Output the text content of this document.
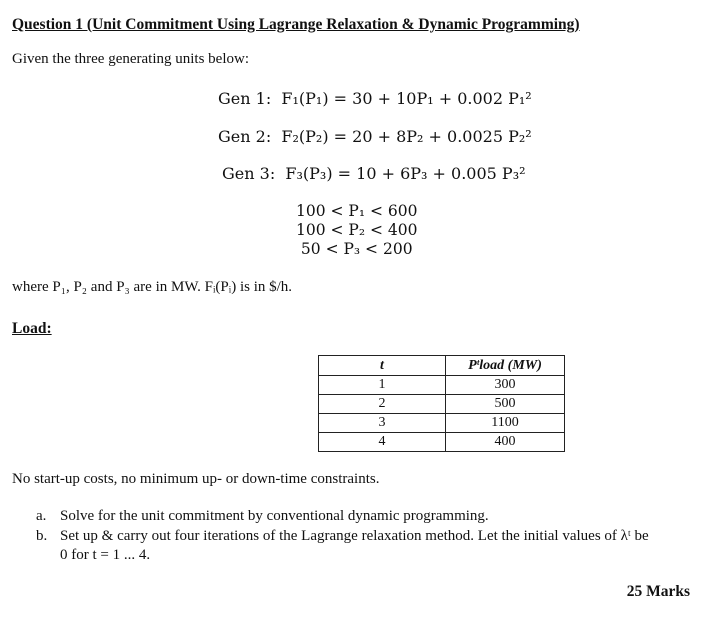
Question 1 (Unit Commitment Using Lagrange Relaxation & Dynamic Programming)
Given the three generating units below:
Gen 1: F₁(P₁) = 30 + 10P₁ + 0.002 P₁²
Gen 2: F₂(P₂) = 20 + 8P₂ + 0.0025 P₂²
Gen 3: F₃(P₃) = 10 + 6P₃ + 0.005 P₃²
100 < P₁ < 600
100 < P₂ < 400
50 < P₃ < 200
where P₁, P₂ and P₃ are in MW. Fᵢ(Pᵢ) is in $/h.
Load:
t	Pᵗload (MW)
1	300
2	500
3	1100
4	400
No start-up costs, no minimum up- or down-time constraints.
a. Solve for the unit commitment by conventional dynamic programming.
b. Set up & carry out four iterations of the Lagrange relaxation method. Let the initial values of λᵗ be
0 for t = 1 ... 4.
25 Marks
